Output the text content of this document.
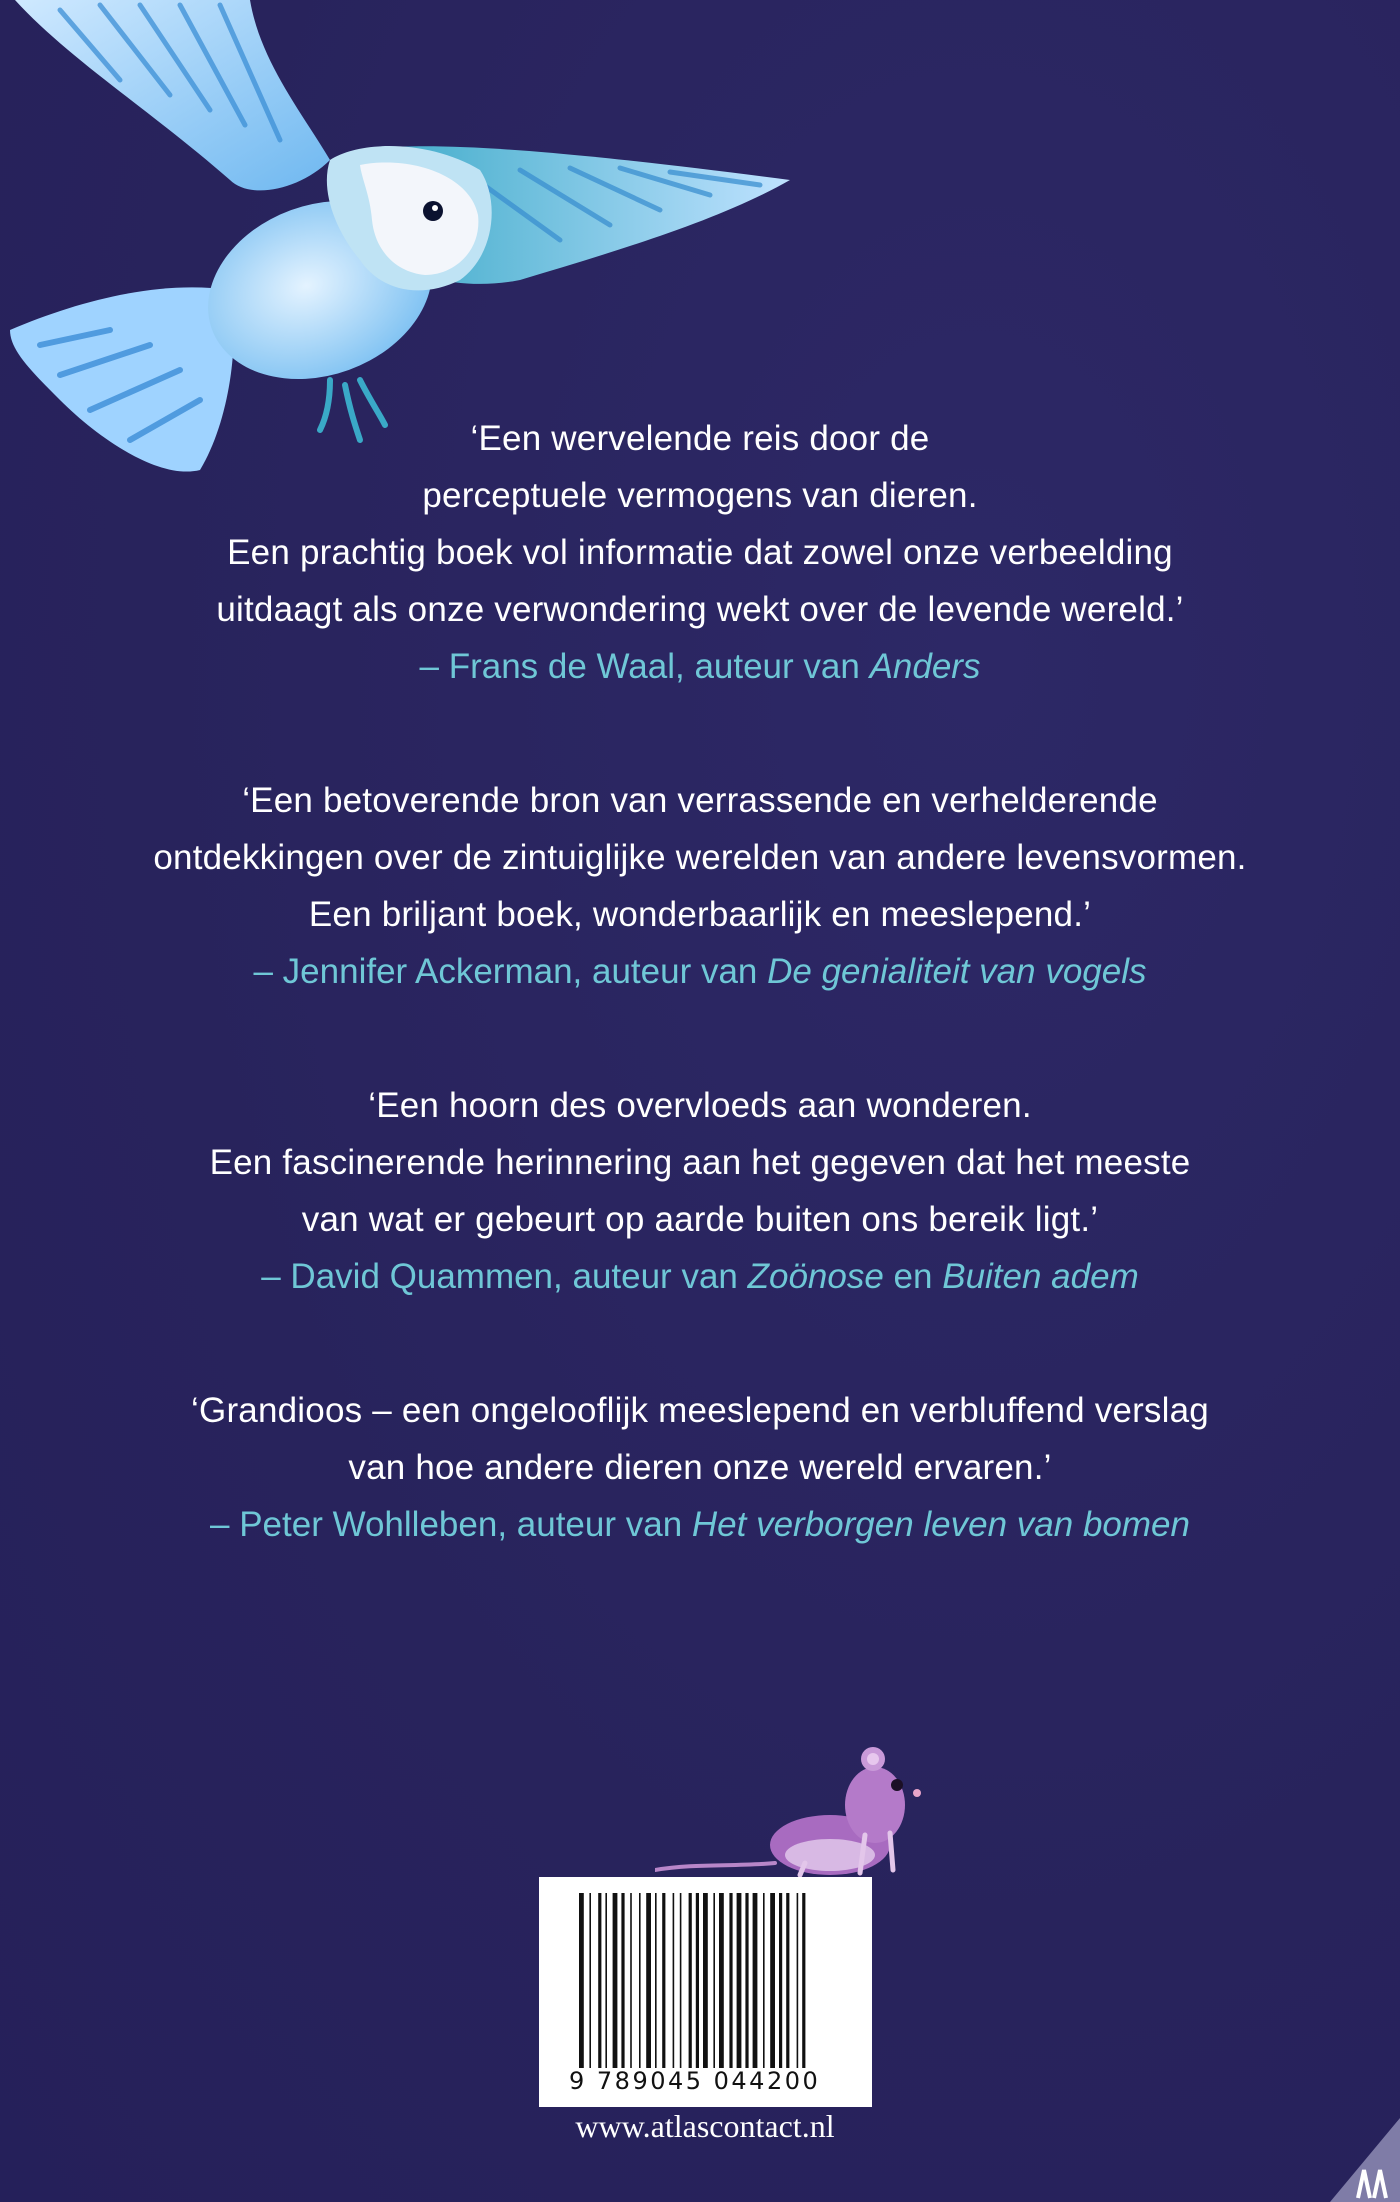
‘Een wervelende reis door de
perceptuele vermogens van dieren.
Een prachtig boek vol informatie dat zowel onze verbeelding
uitdaagt als onze verwondering wekt over de levende wereld.’
– Frans de Waal, auteur van Anders
‘Een betoverende bron van verrassende en verhelderende
ontdekkingen over de zintuiglijke werelden van andere levensvormen.
Een briljant boek, wonderbaarlijk en meeslepend.’
– Jennifer Ackerman, auteur van De genialiteit van vogels
‘Een hoorn des overvloeds aan wonderen.
Een fascinerende herinnering aan het gegeven dat het meeste
van wat er gebeurt op aarde buiten ons bereik ligt.’
– David Quammen, auteur van Zoönose en Buiten adem
‘Grandioos – een ongelooflijk meeslepend en verbluffend verslag
van hoe andere dieren onze wereld ervaren.’
– Peter Wohlleben, auteur van Het verborgen leven van bomen
9 789045 044200
www.atlascontact.nl
